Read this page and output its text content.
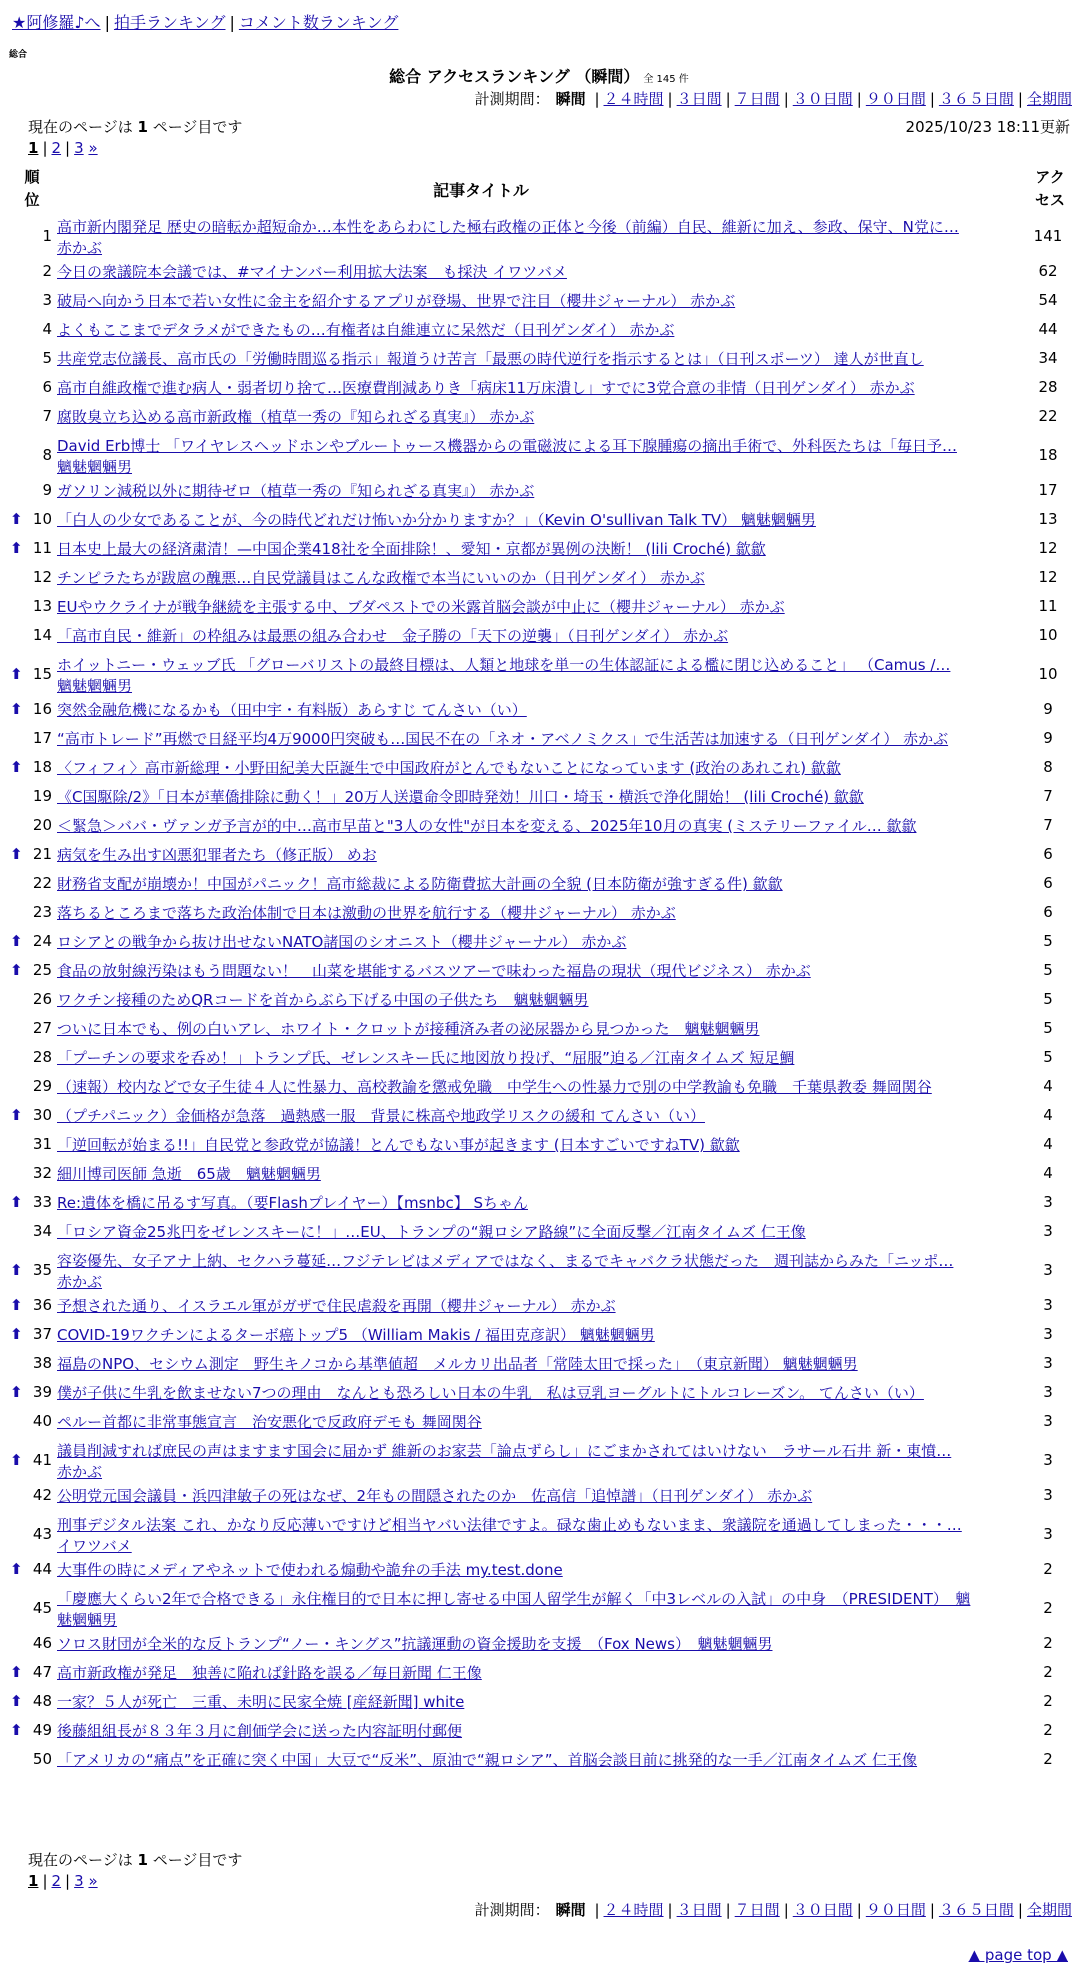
★阿修羅♪へ | 拍手ランキング | コメント数ランキング
総合
総合 アクセスランキング （瞬間） 全 145 件
計測期間： 瞬間 | ２４時間 | ３日間 | ７日間 | ３０日間 | ９０日間 | ３６５日間 | 全期間
現在のページは 1 ページ目です	2025/10/23 18:11更新
1 | 2 | 3 »
順
位	記事タイトル
アク
セス
1 高市新内閣発足 歴史の暗転か超短命か…本性をあらわにした極右政権の正体と今後（前編）自民、維新に加え、参政、保守、N党に…
赤かぶ
141
2 今日の衆議院本会議では、#マイナンバー利用拡大法案　も採決 イワツバメ	62
3 破局へ向かう日本で若い女性に金主を紹介するアプリが登場、世界で注目（櫻井ジャーナル） 赤かぶ	54
4 よくもここまでデタラメができたもの…有権者は自維連立に呆然だ（日刊ゲンダイ） 赤かぶ	44
5 共産党志位議長、高市氏の「労働時間巡る指示」報道うけ苦言「最悪の時代逆行を指示するとは」（日刊スポーツ） 達人が世直し	34
6 高市自維政権で進む病人・弱者切り捨て…医療費削減ありき「病床11万床潰し」すでに3党合意の非情（日刊ゲンダイ） 赤かぶ	28
7 腐敗臭立ち込める高市新政権（植草一秀の『知られざる真実』） 赤かぶ	22
8 David Erb博士 「ワイヤレスヘッドホンやブルートゥース機器からの電磁波による耳下腺腫瘍の摘出手術で、外科医たちは「毎日予…
魑魅魍魎男
18
9 ガソリン減税以外に期待ゼロ（植草一秀の『知られざる真実』） 赤かぶ	17
⬆ 10 「白人の少女であることが、今の時代どれだけ怖いか分かりますか？」（Kevin O'sullivan Talk TV） 魑魅魍魎男	13
⬆ 11 日本史上最大の経済粛清！—中国企業418社を全面排除！、愛知・京都が異例の決断！ (lili Croché) 歙歙	12
12 チンピラたちが跋扈の醜悪…自民党議員はこんな政権で本当にいいのか（日刊ゲンダイ） 赤かぶ	12
13 EUやウクライナが戦争継続を主張する中、ブダペストでの米露首脳会談が中止に（櫻井ジャーナル） 赤かぶ	11
14 「高市自民・維新」の枠組みは最悪の組み合わせ　金子勝の「天下の逆襲」（日刊ゲンダイ） 赤かぶ	10
⬆ 15 ホイットニー・ウェッブ氏 「グローバリストの最終目標は、人類と地球を単一の生体認証による檻に閉じ込めること」 （Camus /…
魑魅魍魎男
10
⬆ 16 突然金融危機になるかも（田中宇・有料版）あらすじ てんさい（い）	9
17 “高市トレード”再燃で日経平均4万9000円突破も…国民不在の「ネオ・アベノミクス」で生活苦は加速する（日刊ゲンダイ） 赤かぶ	9
⬆ 18 〈フィフィ〉高市新総理・小野田紀美大臣誕生で中国政府がとんでもないことになっています (政治のあれこれ) 歙歙	8
19 《C国駆除/2》「日本が華僑排除に動く！」20万人送還命令即時発効！川口・埼玉・横浜で浄化開始！ (lili Croché) 歙歙	7
20 ＜緊急＞ババ・ヴァンガ予言が的中…高市早苗と"3人の女性"が日本を変える、2025年10月の真実 (ミステリーファイル… 歙歙	7
⬆ 21 病気を生み出す凶悪犯罪者たち（修正版） めお	6
22 財務省支配が崩壊か！中国がパニック！高市総裁による防衛費拡大計画の全貌 (日本防衛が強すぎる件) 歙歙	6
23 落ちるところまで落ちた政治体制で日本は激動の世界を航行する（櫻井ジャーナル） 赤かぶ	6
⬆ 24 ロシアとの戦争から抜け出せないNATO諸国のシオニスト（櫻井ジャーナル） 赤かぶ	5
⬆ 25 食品の放射線汚染はもう問題ない！　山菜を堪能するバスツアーで味わった福島の現状（現代ビジネス） 赤かぶ	5
26 ワクチン接種のためQRコードを首からぶら下げる中国の子供たち　魑魅魍魎男	5
27 ついに日本でも、例の白いアレ、ホワイト・クロットが接種済み者の泌尿器から見つかった　魑魅魍魎男	5
28 「プーチンの要求を呑め！」トランプ氏、ゼレンスキー氏に地図放り投げ、“屈服”迫る／江南タイムズ 短足鯛	5
29 （速報）校内などで女子生徒４人に性暴力、高校教諭を懲戒免職　中学生への性暴力で別の中学教諭も免職　千葉県教委 舞岡関谷	4
⬆ 30 （プチパニック）金価格が急落　過熱感一服　背景に株高や地政学リスクの緩和 てんさい（い）	4
31 「逆回転が始まる!!」自民党と参政党が協議！とんでもない事が起きます (日本すごいですねTV) 歙歙	4
32 細川博司医師 急逝　65歳　魑魅魍魎男	4
⬆ 33 Re:遺体を橋に吊るす写真。（要Flashプレイヤー）【msnbc】 Sちゃん	3
34 「ロシア資金25兆円をゼレンスキーに！」…EU、トランプの“親ロシア路線”に全面反撃／江南タイムズ 仁王像	3
⬆ 35 容姿優先、女子アナ上納、セクハラ蔓延…フジテレビはメディアではなく、まるでキャバクラ状態だった　週刊誌からみた「ニッポ…
赤かぶ
3
⬆ 36 予想された通り、イスラエル軍がガザで住民虐殺を再開（櫻井ジャーナル） 赤かぶ	3
⬆ 37 COVID-19ワクチンによるターボ癌トップ5 （William Makis / 福田克彦訳） 魑魅魍魎男	3
38 福島のNPO、セシウム測定　野生キノコから基準値超　メルカリ出品者「常陸太田で採った」　（東京新聞） 魑魅魍魎男	3
⬆ 39 僕が子供に牛乳を飲ませない7つの理由　なんとも恐ろしい日本の牛乳　私は豆乳ヨーグルトにトルコレーズン。 てんさい（い）	3
40 ペルー首都に非常事態宣言　治安悪化で反政府デモも 舞岡関谷	3
⬆ 41 議員削減すれば庶民の声はますます国会に届かず 維新のお家芸「論点ずらし」にごまかされてはいけない　ラサール石井 新・東憤…
赤かぶ
3
42 公明党元国会議員・浜四津敏子の死はなぜ、2年もの間隠されたのか　佐高信「追悼譜」（日刊ゲンダイ） 赤かぶ	3
43 刑事デジタル法案 これ、かなり反応薄いですけど相当ヤバい法律ですよ。碌な歯止めもないまま、衆議院を通過してしまった・・・…
イワツバメ
3
⬆ 44 大事件の時にメディアやネットで使われる煽動や詭弁の手法 my.test.done	2
45 「慶應大くらい2年で合格できる」永住権目的で日本に押し寄せる中国人留学生が解く「中3レベルの入試」の中身　（PRESIDENT）　魑
魅魍魎男
2
46 ソロス財団が全米的な反トランプ“ノー・キングス”抗議運動の資金援助を支援　（Fox News）　魑魅魍魎男	2
⬆ 47 高市新政権が発足　独善に陥れば針路を誤る／毎日新聞 仁王像	2
⬆ 48 一家？５人が死亡　三重、未明に民家全焼 [産経新聞] white	2
⬆ 49 後藤組組長が８３年３月に創価学会に送った内容証明付郵便	2
50 「アメリカの“痛点”を正確に突く中国」大豆で“反米”、原油で“親ロシア”、首脳会談目前に挑発的な一手／江南タイムズ 仁王像	2
現在のページは 1 ページ目です
1 | 2 | 3 »
計測期間： 瞬間 | ２４時間 | ３日間 | ７日間 | ３０日間 | ９０日間 | ３６５日間 | 全期間
▲ page top ▲
